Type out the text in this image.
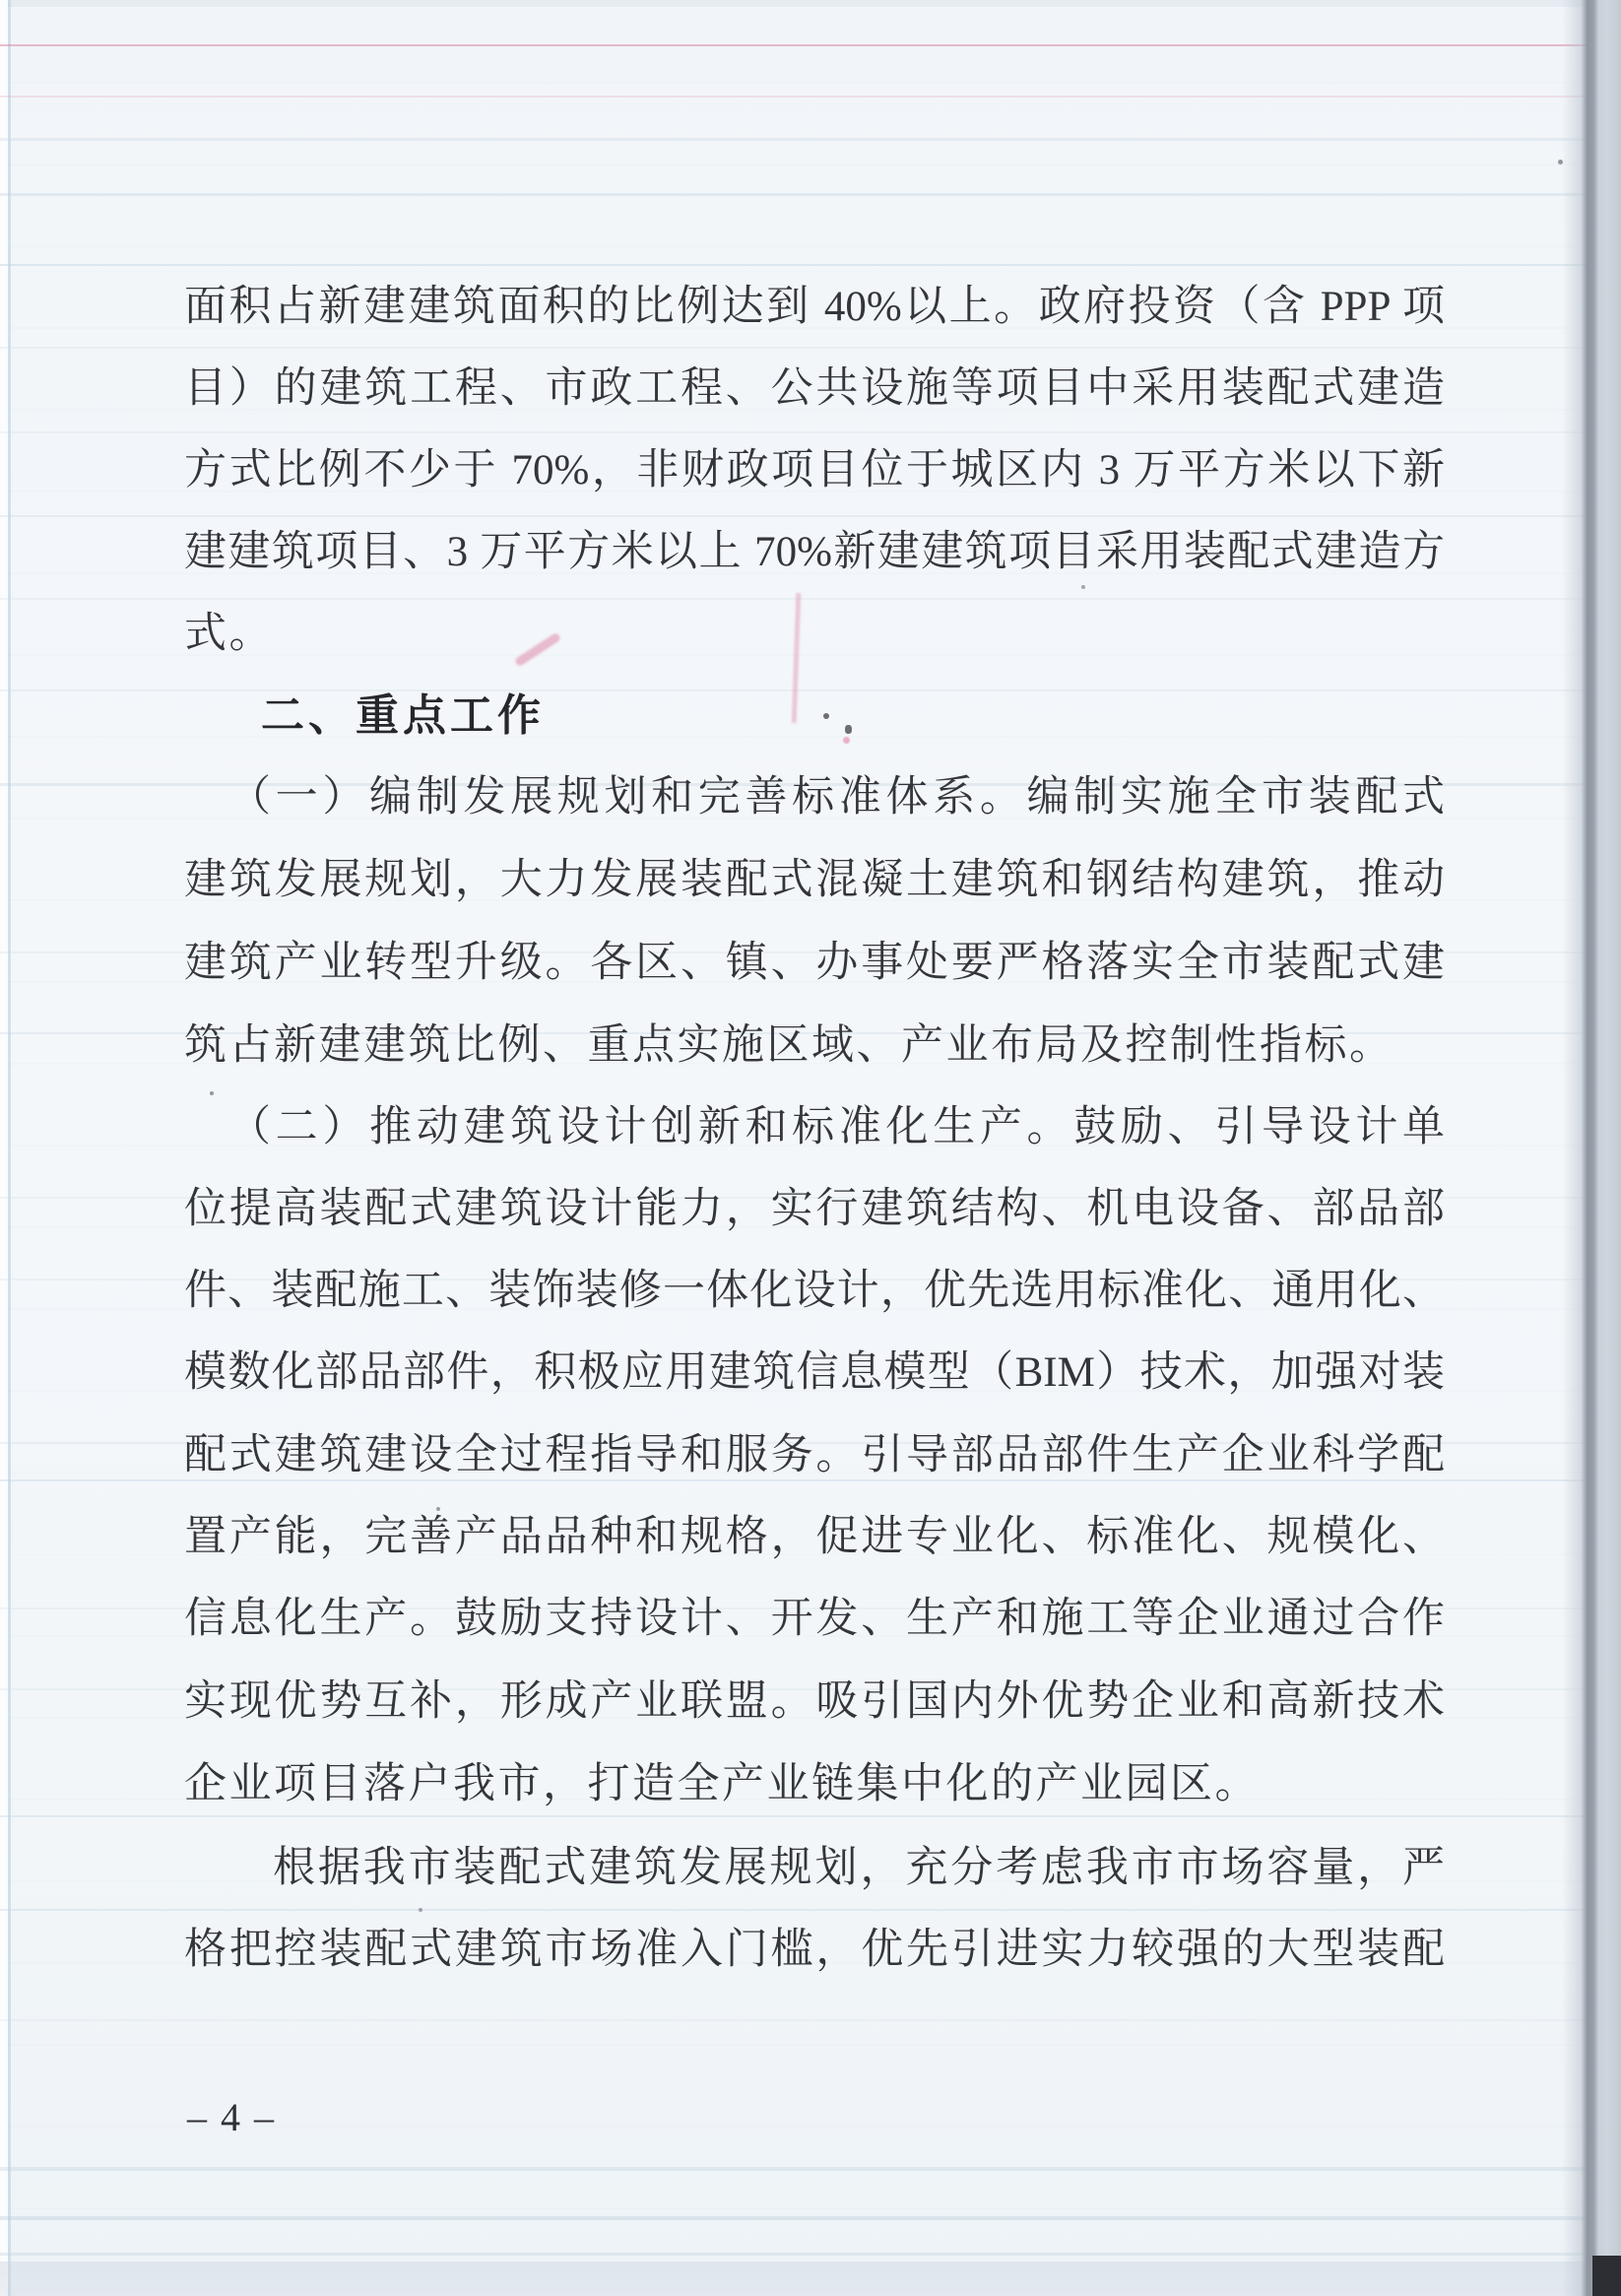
面积占新建建筑面积的比例达到 40%以上。政府投资（含 PPP 项
目）的建筑工程、市政工程、公共设施等项目中采用装配式建造
方式比例不少于 70%，非财政项目位于城区内 3 万平方米以下新
建建筑项目、3 万平方米以上 70%新建建筑项目采用装配式建造方
式。
二、重点工作
（一）编制发展规划和完善标准体系。编制实施全市装配式
建筑发展规划，大力发展装配式混凝土建筑和钢结构建筑，推动
建筑产业转型升级。各区、镇、办事处要严格落实全市装配式建
筑占新建建筑比例、重点实施区域、产业布局及控制性指标。
（二）推动建筑设计创新和标准化生产。鼓励、引导设计单
位提高装配式建筑设计能力，实行建筑结构、机电设备、部品部
件、装配施工、装饰装修一体化设计，优先选用标准化、通用化、
模数化部品部件，积极应用建筑信息模型（BIM）技术，加强对装
配式建筑建设全过程指导和服务。引导部品部件生产企业科学配
置产能，完善产品品种和规格，促进专业化、标准化、规模化、
信息化生产。鼓励支持设计、开发、生产和施工等企业通过合作
实现优势互补，形成产业联盟。吸引国内外优势企业和高新技术
企业项目落户我市，打造全产业链集中化的产业园区。
根据我市装配式建筑发展规划，充分考虑我市市场容量，严
格把控装配式建筑市场准入门槛，优先引进实力较强的大型装配
– 4 –
